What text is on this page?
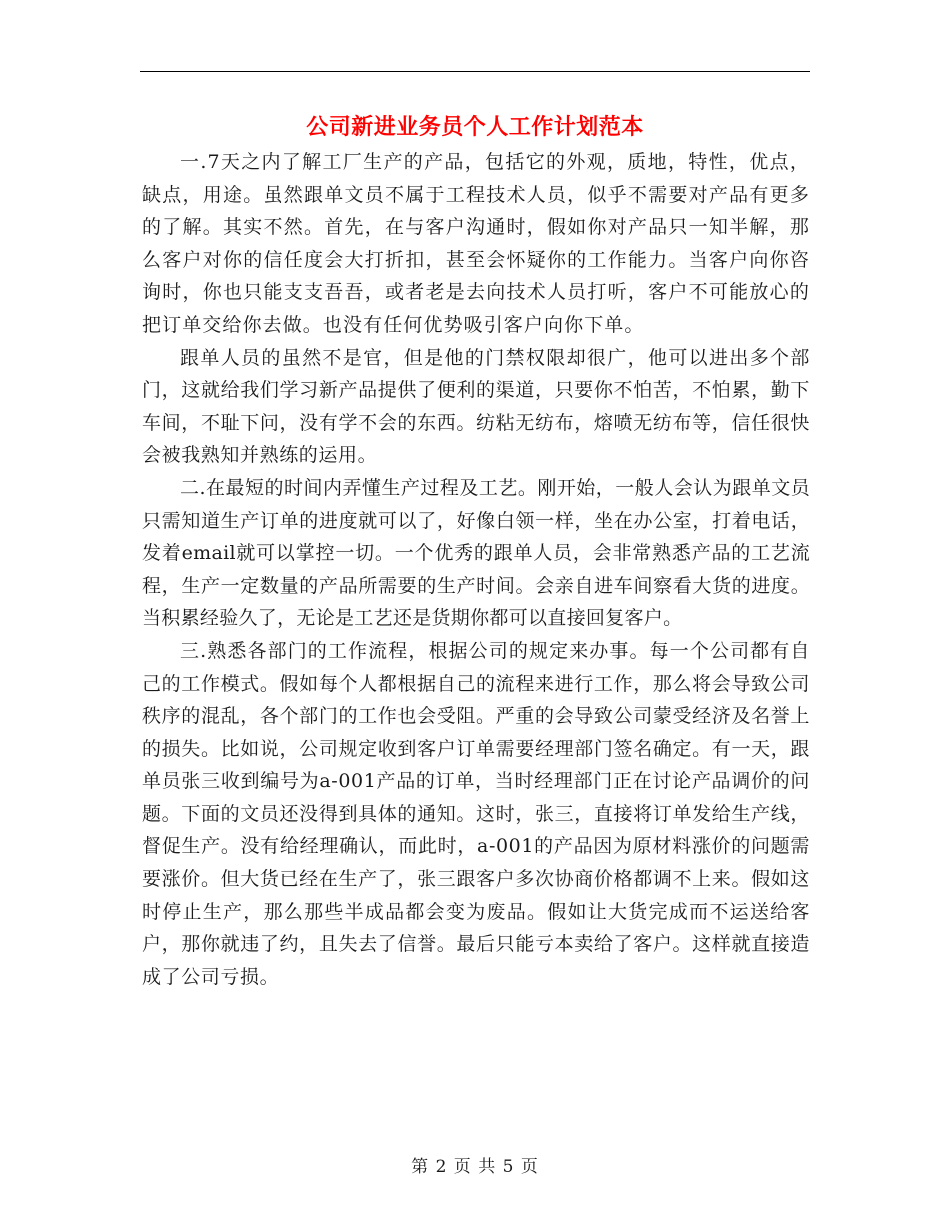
公司新进业务员个人工作计划范本

一.7天之内了解工厂生产的产品，包括它的外观，质地，特性，优点，缺点，用途。虽然跟单文员不属于工程技术人员，似乎不需要对产品有更多的了解。其实不然。首先，在与客户沟通时，假如你对产品只一知半解，那么客户对你的信任度会大打折扣，甚至会怀疑你的工作能力。当客户向你咨询时，你也只能支支吾吾，或者老是去向技术人员打听，客户不可能放心的把订单交给你去做。也没有任何优势吸引客户向你下单。

跟单人员的虽然不是官，但是他的门禁权限却很广，他可以进出多个部门，这就给我们学习新产品提供了便利的渠道，只要你不怕苦，不怕累，勤下车间，不耻下问，没有学不会的东西。纺粘无纺布，熔喷无纺布等，信任很快会被我熟知并熟练的运用。

二.在最短的时间内弄懂生产过程及工艺。刚开始，一般人会认为跟单文员只需知道生产订单的进度就可以了，好像白领一样，坐在办公室，打着电话，发着email就可以掌控一切。一个优秀的跟单人员，会非常熟悉产品的工艺流程，生产一定数量的产品所需要的生产时间。会亲自进车间察看大货的进度。当积累经验久了，无论是工艺还是货期你都可以直接回复客户。

三.熟悉各部门的工作流程，根据公司的规定来办事。每一个公司都有自己的工作模式。假如每个人都根据自己的流程来进行工作，那么将会导致公司秩序的混乱，各个部门的工作也会受阻。严重的会导致公司蒙受经济及名誉上的损失。比如说，公司规定收到客户订单需要经理部门签名确定。有一天，跟单员张三收到编号为a-001产品的订单，当时经理部门正在讨论产品调价的问题。下面的文员还没得到具体的通知。这时，张三，直接将订单发给生产线，督促生产。没有给经理确认，而此时，a-001的产品因为原材料涨价的问题需要涨价。但大货已经在生产了，张三跟客户多次协商价格都调不上来。假如这时停止生产，那么那些半成品都会变为废品。假如让大货完成而不运送给客户，那你就违了约，且失去了信誉。最后只能亏本卖给了客户。这样就直接造成了公司亏损。

第 2 页 共 5 页
